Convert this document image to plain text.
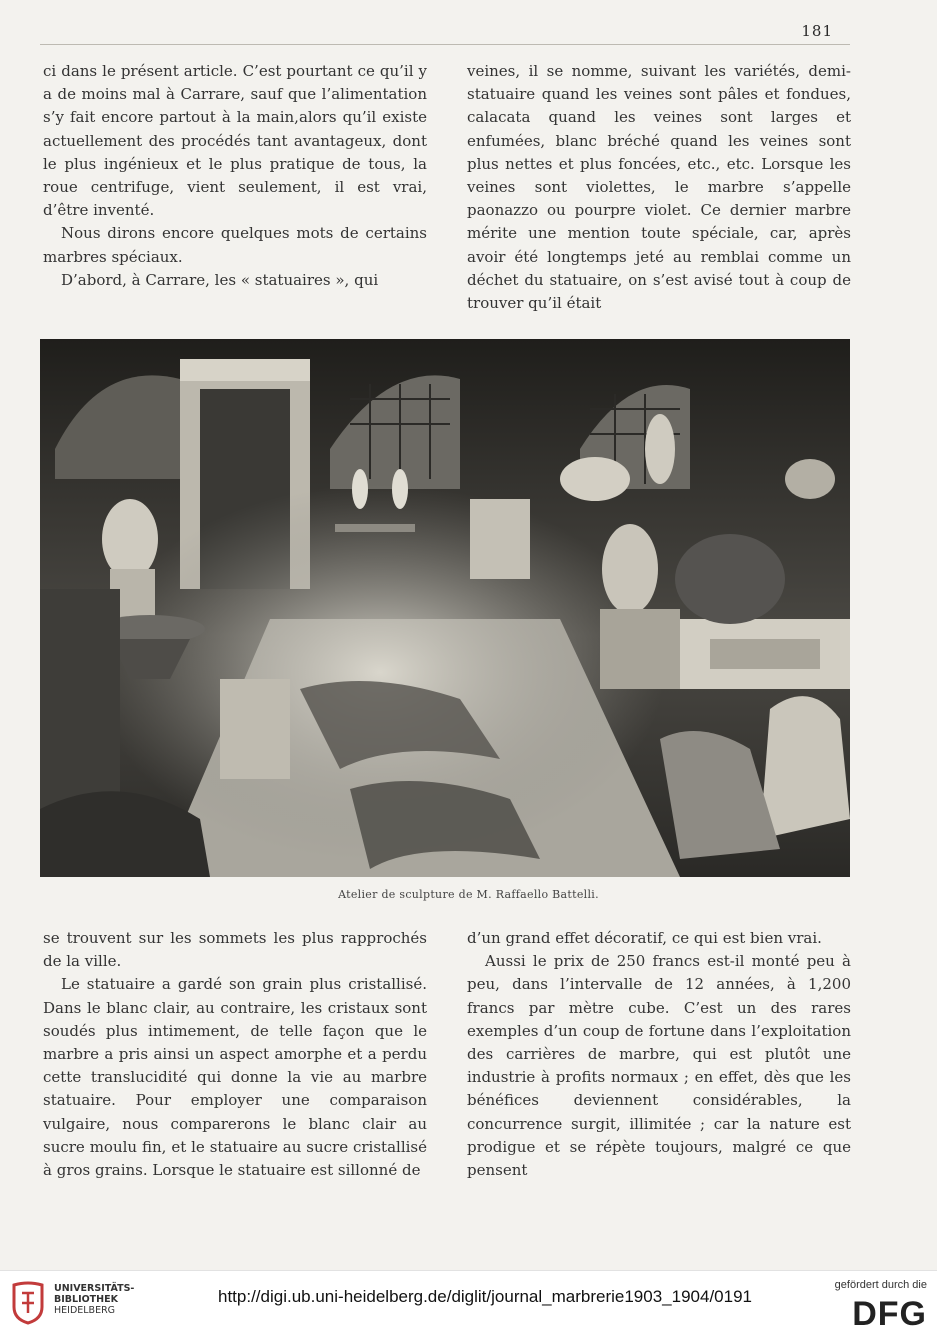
181

ci dans le présent article. C’est pourtant ce qu’il y a de moins mal à Carrare, sauf que l’alimentation s’y fait encore partout à la main,alors qu’il existe actuellement des procédés tant avantageux, dont le plus ingénieux et le plus pratique de tous, la roue centrifuge, vient seulement, il est vrai, d’être inventé.

Nous dirons encore quelques mots de certains marbres spéciaux.

D’abord, à Carrare, les « statuaires », qui

veines, il se nomme, suivant les variétés, demi-statuaire quand les veines sont pâles et fondues, calacata quand les veines sont larges et enfumées, blanc bréché quand les veines sont plus nettes et plus foncées, etc., etc. Lorsque les veines sont violettes, le marbre s’appelle paonazzo ou pourpre violet. Ce dernier marbre mérite une mention toute spéciale, car, après avoir été longtemps jeté au remblai comme un déchet du statuaire, on s’est avisé tout à coup de trouver qu’il était

Atelier de sculpture de M. Raffaello Battelli.

se trouvent sur les sommets les plus rapprochés de la ville.

Le statuaire a gardé son grain plus cristallisé. Dans le blanc clair, au contraire, les cristaux sont soudés plus intimement, de telle façon que le marbre a pris ainsi un aspect amorphe et a perdu cette translucidité qui donne la vie au marbre statuaire. Pour employer une comparaison vulgaire, nous comparerons le blanc clair au sucre moulu fin, et le statuaire au sucre cristallisé à gros grains. Lorsque le statuaire est sillonné de

d’un grand effet décoratif, ce qui est bien vrai.

Aussi le prix de 250 francs est-il monté peu à peu, dans l’intervalle de 12 années, à 1,200 francs par mètre cube. C’est un des rares exemples d’un coup de fortune dans l’exploitation des carrières de marbre, qui est plutôt une industrie à profits normaux ; en effet, dès que les bénéfices deviennent considérables, la concurrence surgit, illimitée ; car la nature est prodigue et se répète toujours, malgré ce que pensent

UNIVERSITÄTS-
BIBLIOTHEK
HEIDELBERG
http://digi.ub.uni-heidelberg.de/diglit/journal_marbrerie1903_1904/0191
gefördert durch die
DFG
